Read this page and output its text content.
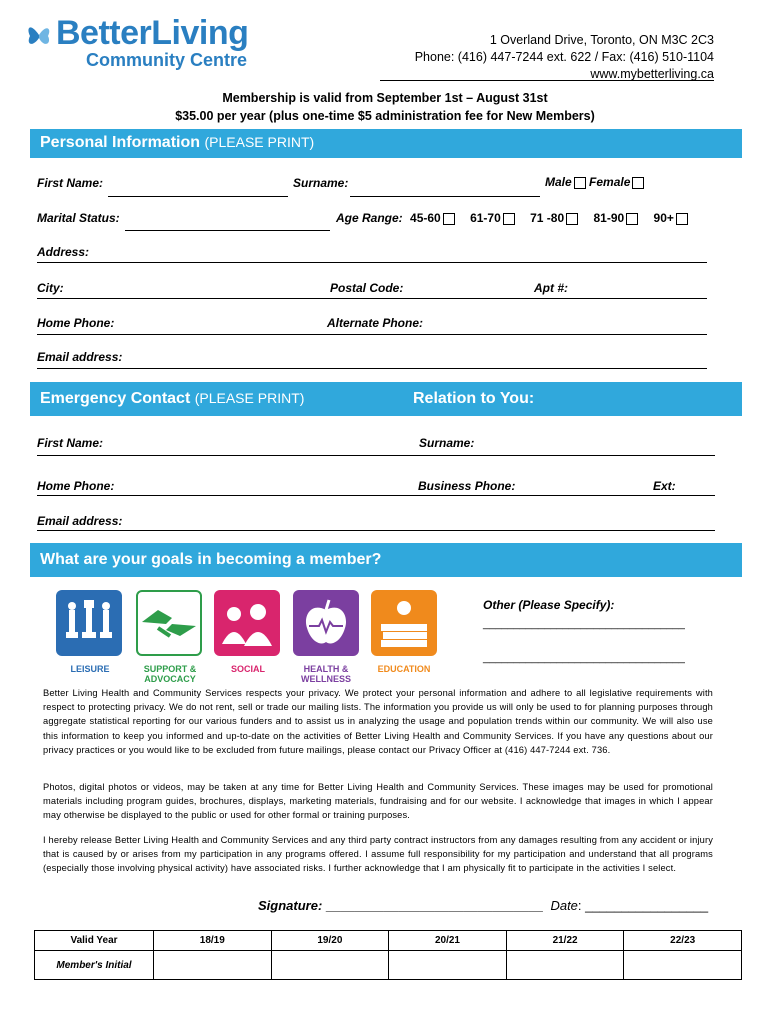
BetterLiving
Community Centre
1 Overland Drive, Toronto, ON M3C 2C3
Phone: (416) 447-7244 ext. 622 / Fax: (416) 510-1104
www.mybetterliving.ca
Membership is valid from September 1st – August 31st
$35.00 per year (plus one-time $5 administration fee for New Members)
Personal Information (PLEASE PRINT)
First Name:	Surname:	Male Female
Marital Status:	Age Range: 45-60 61-70 71 -80 81-90 90+
Address:
City:	Postal Code:	Apt #:
Home Phone:	Alternate Phone:
Email address:
Emergency Contact (PLEASE PRINT)	Relation to You:
First Name:	Surname:
Home Phone:	Business Phone:	Ext:
Email address:
What are your goals in becoming a member?
LEISURE	SUPPORT & ADVOCACY
SOCIAL	HEALTH & WELLNESS
EDUCATION
Other (Please Specify):
_________________________________
_________________________________
Better Living Health and Community Services respects your privacy. We protect your personal information and adhere to all legislative requirements with respect to protecting privacy. We do not rent, sell or trade our mailing lists. The information you provide us will only be used to for planning purposes through aggregate statistical reporting for our various funders and to assist us in analyzing the usage and population trends within our community. We will also use this information to keep you informed and up-to-date on the activities of Better Living Health and Community Services. If you have any questions about our privacy practices or you would like to be excluded from future mailings, please contact our Privacy Officer at (416) 447-7244 ext. 736.
Photos, digital photos or videos, may be taken at any time for Better Living Health and Community Services. These images may be used for promotional materials including program guides, brochures, displays, marketing materials, fundraising and for our website. I acknowledge that images in which I appear may otherwise be displayed to the public or used for other formal or training purposes.
I hereby release Better Living Health and Community Services and any third party contract instructors from any damages resulting from any accident or injury that is caused by or arises from my participation in any programs offered. I assume full responsibility for my participation and understand that all programs (especially those involving physical activity) have associated risks. I further acknowledge that I am physically fit to participate in the activities I select.
Signature: ______________________________ Date: _________________
Valid Year	18/19	19/20	20/21	21/22	22/23
Member's Initial					
